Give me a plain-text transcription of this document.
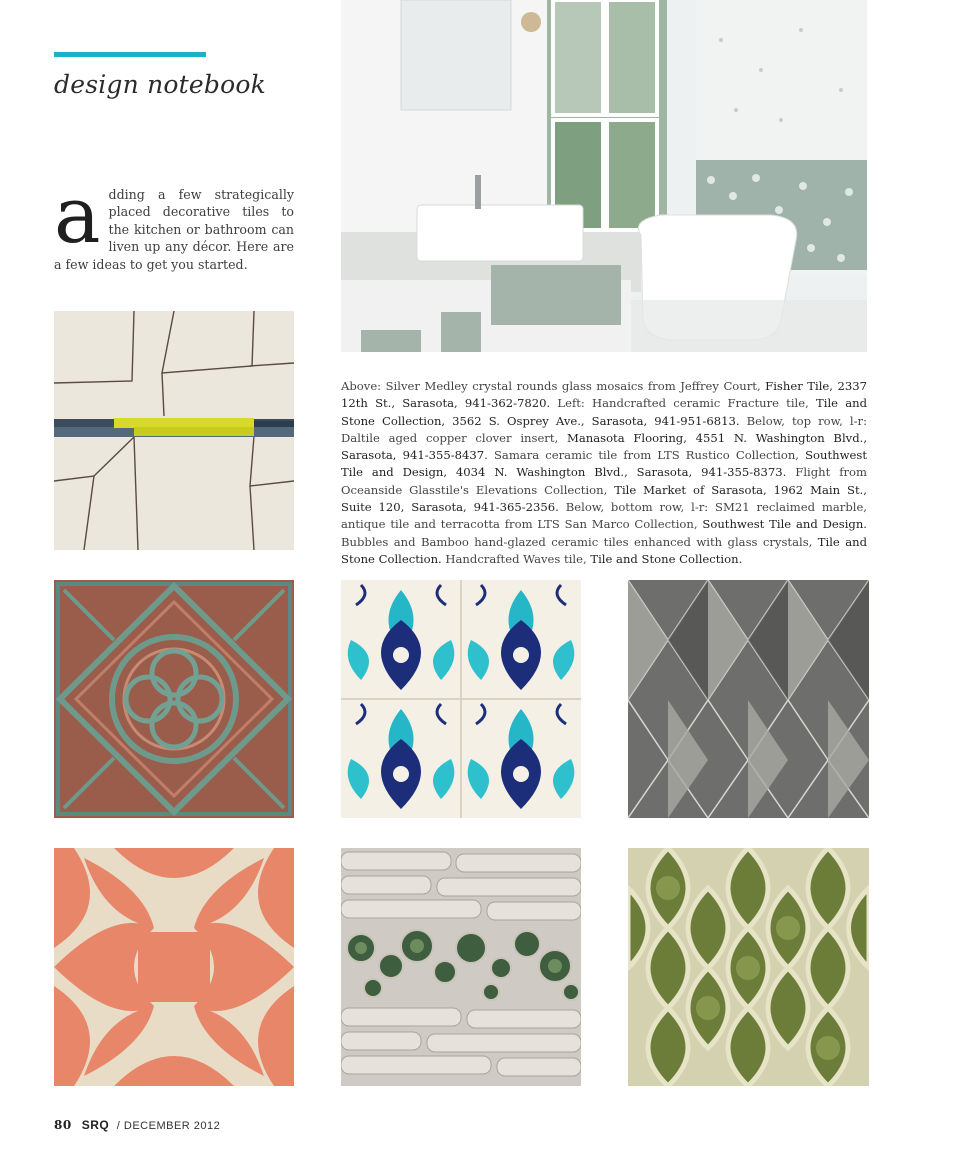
design notebook
adding a few strategically placed decorative tiles to the kitchen or bathroom can liven up any décor. Here are a few ideas to get you started.
Above: Silver Medley crystal rounds glass mosaics from Jeffrey Court, Fisher Tile, 2337 12th St., Sarasota, 941-362-7820. Left: Handcrafted ceramic Fracture tile, Tile and Stone Collection, 3562 S. Osprey Ave., Sarasota, 941-951-6813. Below, top row, l-r: Daltile aged copper clover insert, Manasota Flooring, 4551 N. Washington Blvd., Sarasota, 941-355-8437. Samara ceramic tile from LTS Rustico Collection, Southwest Tile and Design, 4034 N. Washington Blvd., Sarasota, 941-355-8373. Flight from Oceanside Glasstile's Elevations Collection, Tile Market of Sarasota, 1962 Main St., Suite 120, Sarasota, 941-365-2356. Below, bottom row, l-r: SM21 reclaimed marble, antique tile and terracotta from LTS San Marco Collection, Southwest Tile and Design. Bubbles and Bamboo hand-glazed ceramic tiles enhanced with glass crystals, Tile and Stone Collection. Handcrafted Waves tile, Tile and Stone Collection.
80 SRQ / DECEMBER 2012
